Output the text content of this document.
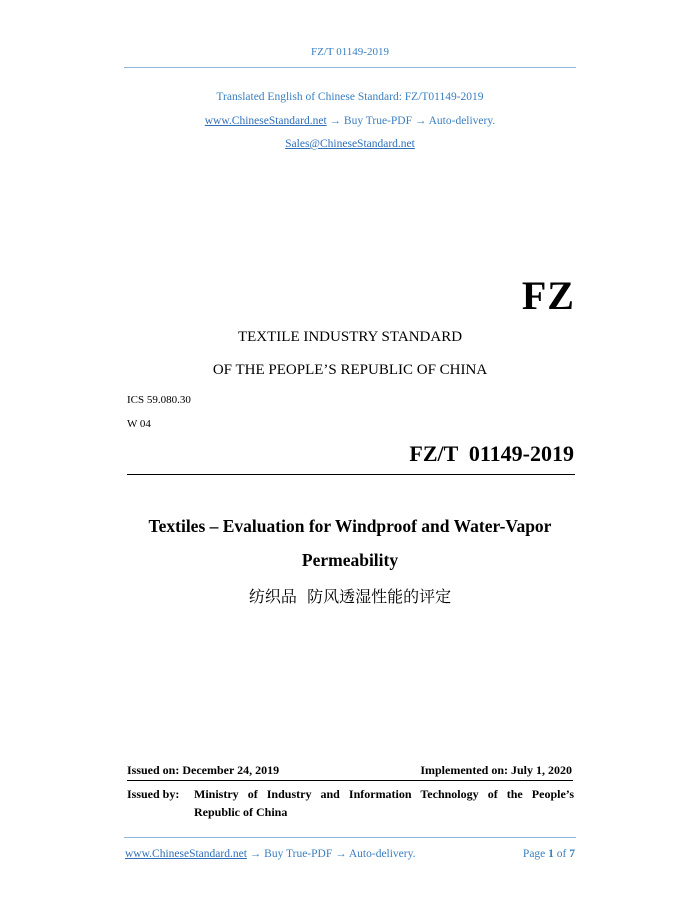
FZ/T 01149-2019
Translated English of Chinese Standard: FZ/T01149-2019
www.ChineseStandard.net → Buy True-PDF → Auto-delivery.
Sales@ChineseStandard.net
FZ
TEXTILE INDUSTRY STANDARD
OF THE PEOPLE’S REPUBLIC OF CHINA
ICS 59.080.30
W 04
FZ/T  01149-2019
Textiles – Evaluation for Windproof and Water-Vapor
Permeability
纺织品  防风透湿性能的评定
Issued on: December 24, 2019	Implemented on: July 1, 2020
Issued by: Ministry of Industry and Information Technology of the People’s
Republic of China
www.ChineseStandard.net → Buy True-PDF → Auto-delivery.	Page 1 of 7
